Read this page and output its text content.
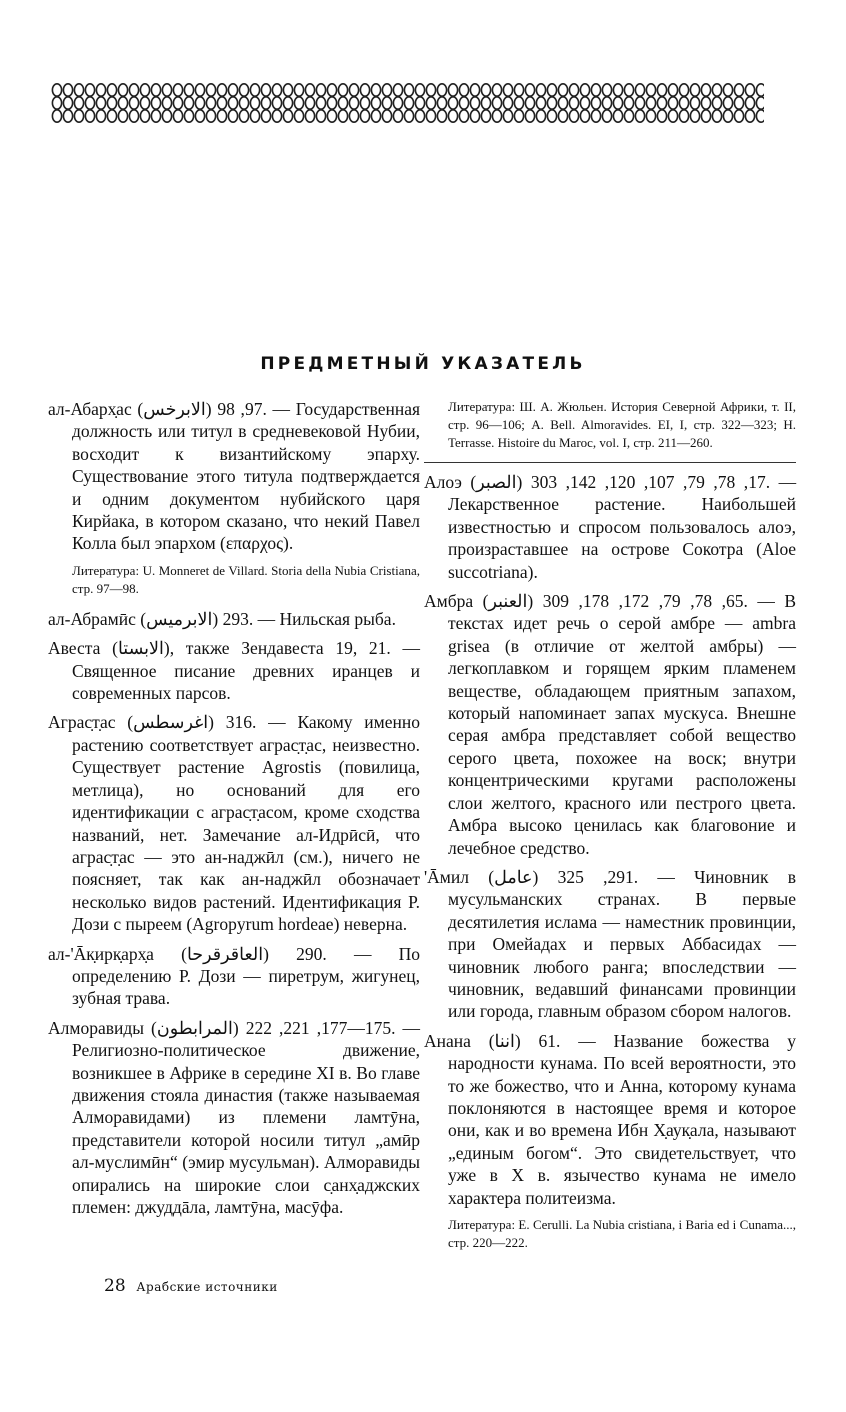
ПРЕДМЕТНЫЙ УКАЗАТЕЛЬ
ал-Абарх̣ас (الابرخس) 97, 98. — Государственная должность или титул в средневековой Нубии, восходит к византийскому эпарху. Существование этого титула подтверждается и одним документом нубийского царя Кирйака, в котором сказано, что некий Павел Колла был эпархом (επαρχος).
Литература: U. Monneret de Villard. Storia della Nubia Cristiana, стр. 97—98.
ал-Абрамӣс (الابرميس) 293. — Нильская рыба.
Авеста (الابستا), также Зендавеста 19, 21. — Священное писание древних иранцев и современных парсов.
Аграс̣т̣ас (اغرسطس) 316. — Какому именно растению соответствует аграс̣т̣ас, неизвестно. Существует растение Agrostis (повилица, метлица), но оснований для его идентификации с аграс̣т̣асом, кроме сходства названий, нет. Замечание ал-Идрӣсӣ, что аграс̣т̣ас — это ан-наджӣл (см.), ничего не поясняет, так как ан-наджӣл обозначает несколько видов растений. Идентификация Р. Дози с пыреем (Agropyrum hordeae) неверна.
ал-'Āк̣ирк̣арх̣а (العاقرقرحا) 290. — По определению Р. Дози — пиретрум, жигунец, зубная трава.
Алморавиды (المرابطون) 175—177, 221, 222. — Религиозно-политическое движение, возникшее в Африке в середине XI в. Во главе движения стояла династия (также называемая Алморавидами) из племени ламтӯна, представители которой носили титул „амӣр ал-муслимӣн“ (эмир мусульман). Алморавиды опирались на широкие слои с̣анх̣аджских племен: джуддāла, ламтӯна, масӯфа.
Литература: Ш. А. Жюльен. История Северной Африки, т. II, стр. 96—106; A. Bell. Almoravides. EI, I, стр. 322—323; H. Terrasse. Histoire du Maroc, vol. I, стр. 211—260.
Алоэ (الصبر) 17, 78, 79, 107, 120, 142, 303. — Лекарственное растение. Наибольшей известностью и спросом пользовалось алоэ, произраставшее на острове Сокотра (Aloe succotriana).
Амбра (العنبر) 65, 78, 79, 172, 178, 309. — В текстах идет речь о серой амбре — ambra grisea (в отличие от желтой амбры) — легкоплавком и горящем ярким пламенем веществе, обладающем приятным запахом, который напоминает запах мускуса. Внешне серая амбра представляет собой вещество серого цвета, похожее на воск; внутри концентрическими кругами расположены слои желтого, красного или пестрого цвета. Амбра высоко ценилась как благовоние и лечебное средство.
'Āмил (عامل) 291, 325. — Чиновник в мусульманских странах. В первые десятилетия ислама — наместник провинции, при Омейадах и первых Аббасидах — чиновник любого ранга; впоследствии — чиновник, ведавший финансами провинции или города, главным образом сбором налогов.
Анана (اننا) 61. — Название божества у народности кунама. По всей вероятности, это то же божество, что и Анна, которому кунама поклоняются в настоящее время и которое они, как и во времена Ибн Х̣аук̣ала, называют „единым богом“. Это свидетельствует, что уже в X в. язычество кунама не имело характера политеизма.
Литература: E. Cerulli. La Nubia cristiana, i Baria ed i Cunama..., стр. 220—222.
28 Арабские источники
